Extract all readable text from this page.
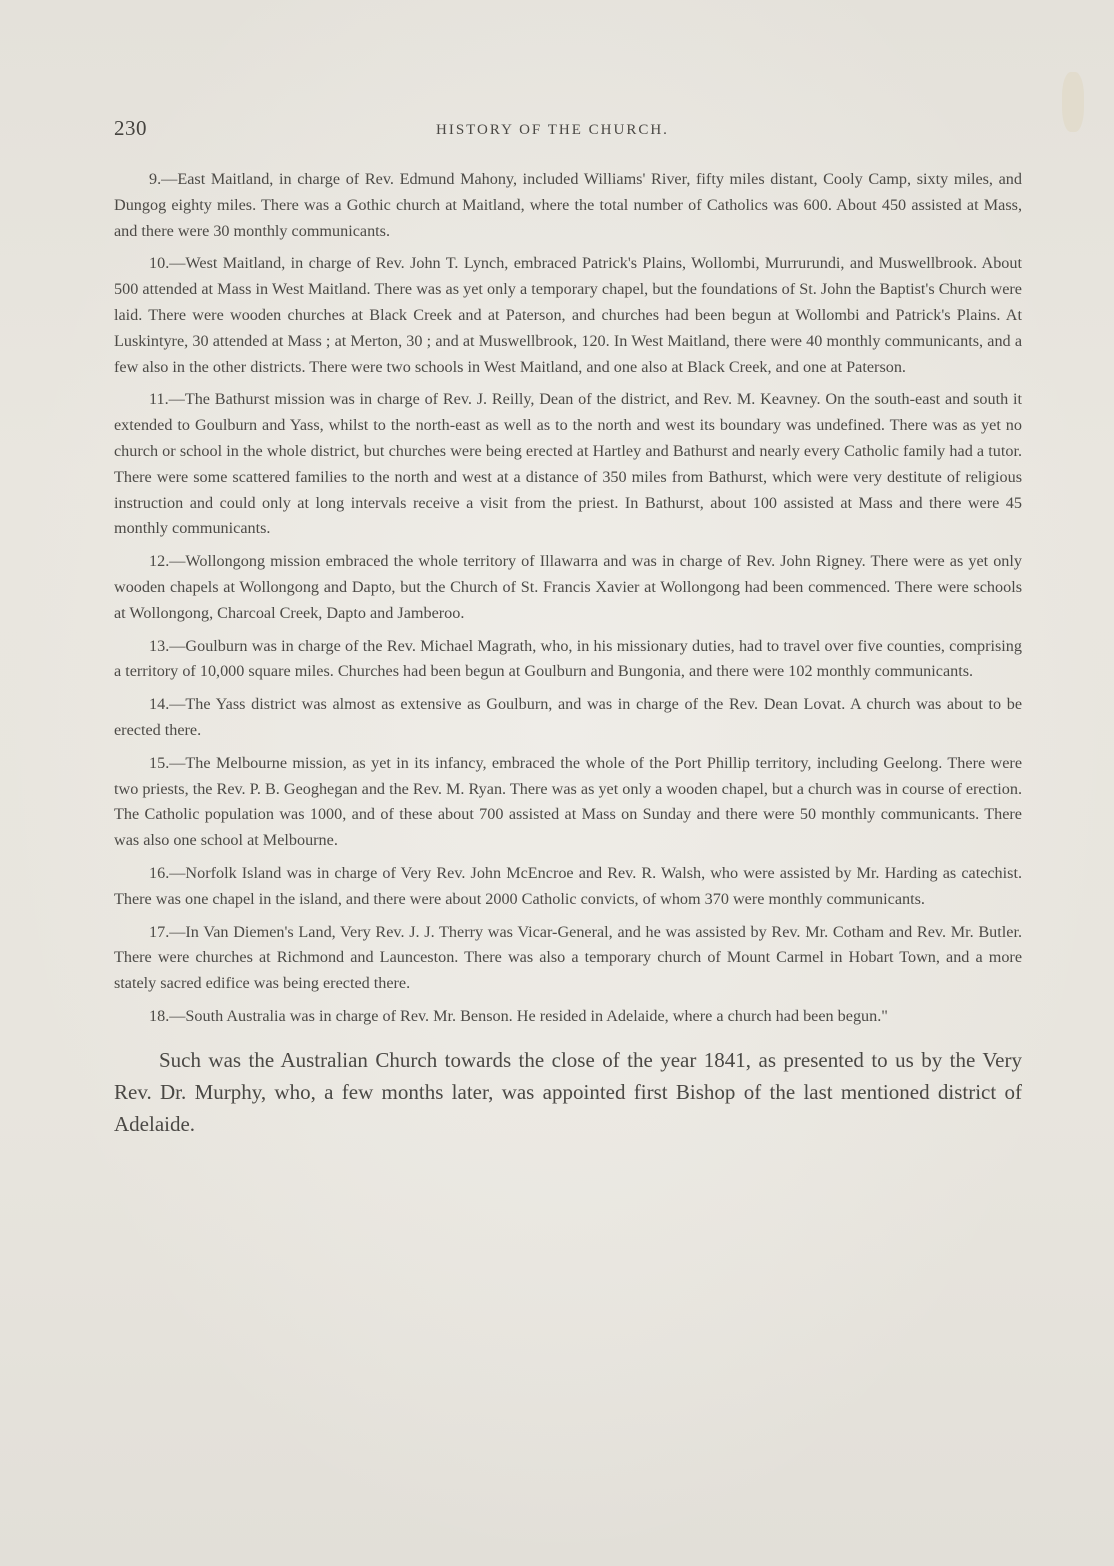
230	HISTORY OF THE CHURCH.

9.—East Maitland, in charge of Rev. Edmund Mahony, included Williams' River, fifty miles distant, Cooly Camp, sixty miles, and Dungog eighty miles. There was a Gothic church at Maitland, where the total number of Catholics was 600. About 450 assisted at Mass, and there were 30 monthly communicants.

10.—West Maitland, in charge of Rev. John T. Lynch, embraced Patrick's Plains, Wollombi, Murrurundi, and Muswellbrook. About 500 attended at Mass in West Maitland. There was as yet only a temporary chapel, but the foundations of St. John the Baptist's Church were laid. There were wooden churches at Black Creek and at Paterson, and churches had been begun at Wollombi and Patrick's Plains. At Luskintyre, 30 attended at Mass ; at Merton, 30 ; and at Muswellbrook, 120. In West Maitland, there were 40 monthly communicants, and a few also in the other districts. There were two schools in West Maitland, and one also at Black Creek, and one at Paterson.

11.—The Bathurst mission was in charge of Rev. J. Reilly, Dean of the district, and Rev. M. Keavney. On the south-east and south it extended to Goulburn and Yass, whilst to the north-east as well as to the north and west its boundary was undefined. There was as yet no church or school in the whole district, but churches were being erected at Hartley and Bathurst and nearly every Catholic family had a tutor. There were some scattered families to the north and west at a distance of 350 miles from Bathurst, which were very destitute of religious instruction and could only at long intervals receive a visit from the priest. In Bathurst, about 100 assisted at Mass and there were 45 monthly communicants.

12.—Wollongong mission embraced the whole territory of Illawarra and was in charge of Rev. John Rigney. There were as yet only wooden chapels at Wollongong and Dapto, but the Church of St. Francis Xavier at Wollongong had been commenced. There were schools at Wollongong, Charcoal Creek, Dapto and Jamberoo.

13.—Goulburn was in charge of the Rev. Michael Magrath, who, in his missionary duties, had to travel over five counties, comprising a territory of 10,000 square miles. Churches had been begun at Goulburn and Bungonia, and there were 102 monthly communicants.

14.—The Yass district was almost as extensive as Goulburn, and was in charge of the Rev. Dean Lovat. A church was about to be erected there.

15.—The Melbourne mission, as yet in its infancy, embraced the whole of the Port Phillip territory, including Geelong. There were two priests, the Rev. P. B. Geoghegan and the Rev. M. Ryan. There was as yet only a wooden chapel, but a church was in course of erection. The Catholic population was 1000, and of these about 700 assisted at Mass on Sunday and there were 50 monthly communicants. There was also one school at Melbourne.

16.—Norfolk Island was in charge of Very Rev. John McEncroe and Rev. R. Walsh, who were assisted by Mr. Harding as catechist. There was one chapel in the island, and there were about 2000 Catholic convicts, of whom 370 were monthly communicants.

17.—In Van Diemen's Land, Very Rev. J. J. Therry was Vicar-General, and he was assisted by Rev. Mr. Cotham and Rev. Mr. Butler. There were churches at Richmond and Launceston. There was also a temporary church of Mount Carmel in Hobart Town, and a more stately sacred edifice was being erected there.

18.—South Australia was in charge of Rev. Mr. Benson. He resided in Adelaide, where a church had been begun."

Such was the Australian Church towards the close of the year 1841, as presented to us by the Very Rev. Dr. Murphy, who, a few months later, was appointed first Bishop of the last mentioned district of Adelaide.
